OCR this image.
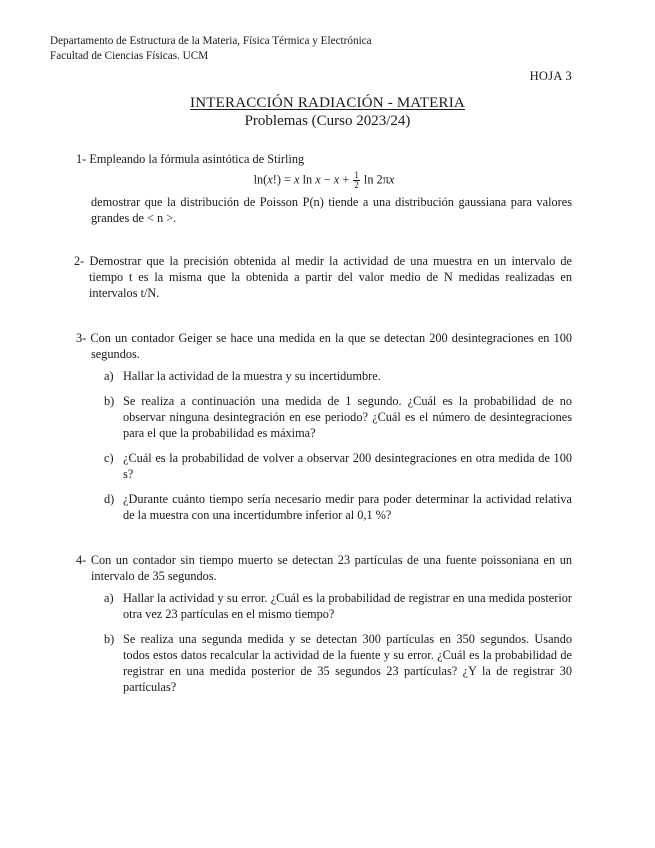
Departamento de Estructura de la Materia, Física Térmica y Electrónica
Facultad de Ciencias Físicas. UCM
HOJA 3
INTERACCIÓN RADIACIÓN - MATERIA
Problemas (Curso 2023/24)
1- Empleando la fórmula asintótica de Stirling
ln(x!) = x $\ln x - x + \frac{1}{2}$ ln 2πx
demostrar que la distribución de Poisson P(n) tiende a una distribución gaussiana para valores grandes de < n >.
2- Demostrar que la precisión obtenida al medir la actividad de una muestra en un intervalo de tiempo t es la misma que la obtenida a partir del valor medio de N medidas realizadas en intervalos t/N.
3- Con un contador Geiger se hace una medida en la que se detectan 200 desintegraciones en 100 segundos.
a) Hallar la actividad de la muestra y su incertidumbre.
b) Se realiza a continuación una medida de 1 segundo. ¿Cuál es la probabilidad de no observar ninguna desintegración en ese periodo? ¿Cuál es el número de desintegraciones para el que la probabilidad es máxima?
c) ¿Cuál es la probabilidad de volver a observar 200 desintegraciones en otra medida de 100 s?
d) ¿Durante cuánto tiempo sería necesario medir para poder determinar la actividad relativa de la muestra con una incertidumbre inferior al 0,1 %?
4- Con un contador sin tiempo muerto se detectan 23 partículas de una fuente poissoniana en un intervalo de 35 segundos.
a) Hallar la actividad y su error. ¿Cuál es la probabilidad de registrar en una medida posterior otra vez 23 partículas en el mismo tiempo?
b) Se realiza una segunda medida y se detectan 300 partículas en 350 segundos. Usando todos estos datos recalcular la actividad de la fuente y su error. ¿Cuál es la probabilidad de registrar en una medida posterior de 35 segundos 23 partículas? ¿Y la de registrar 30 partículas?
